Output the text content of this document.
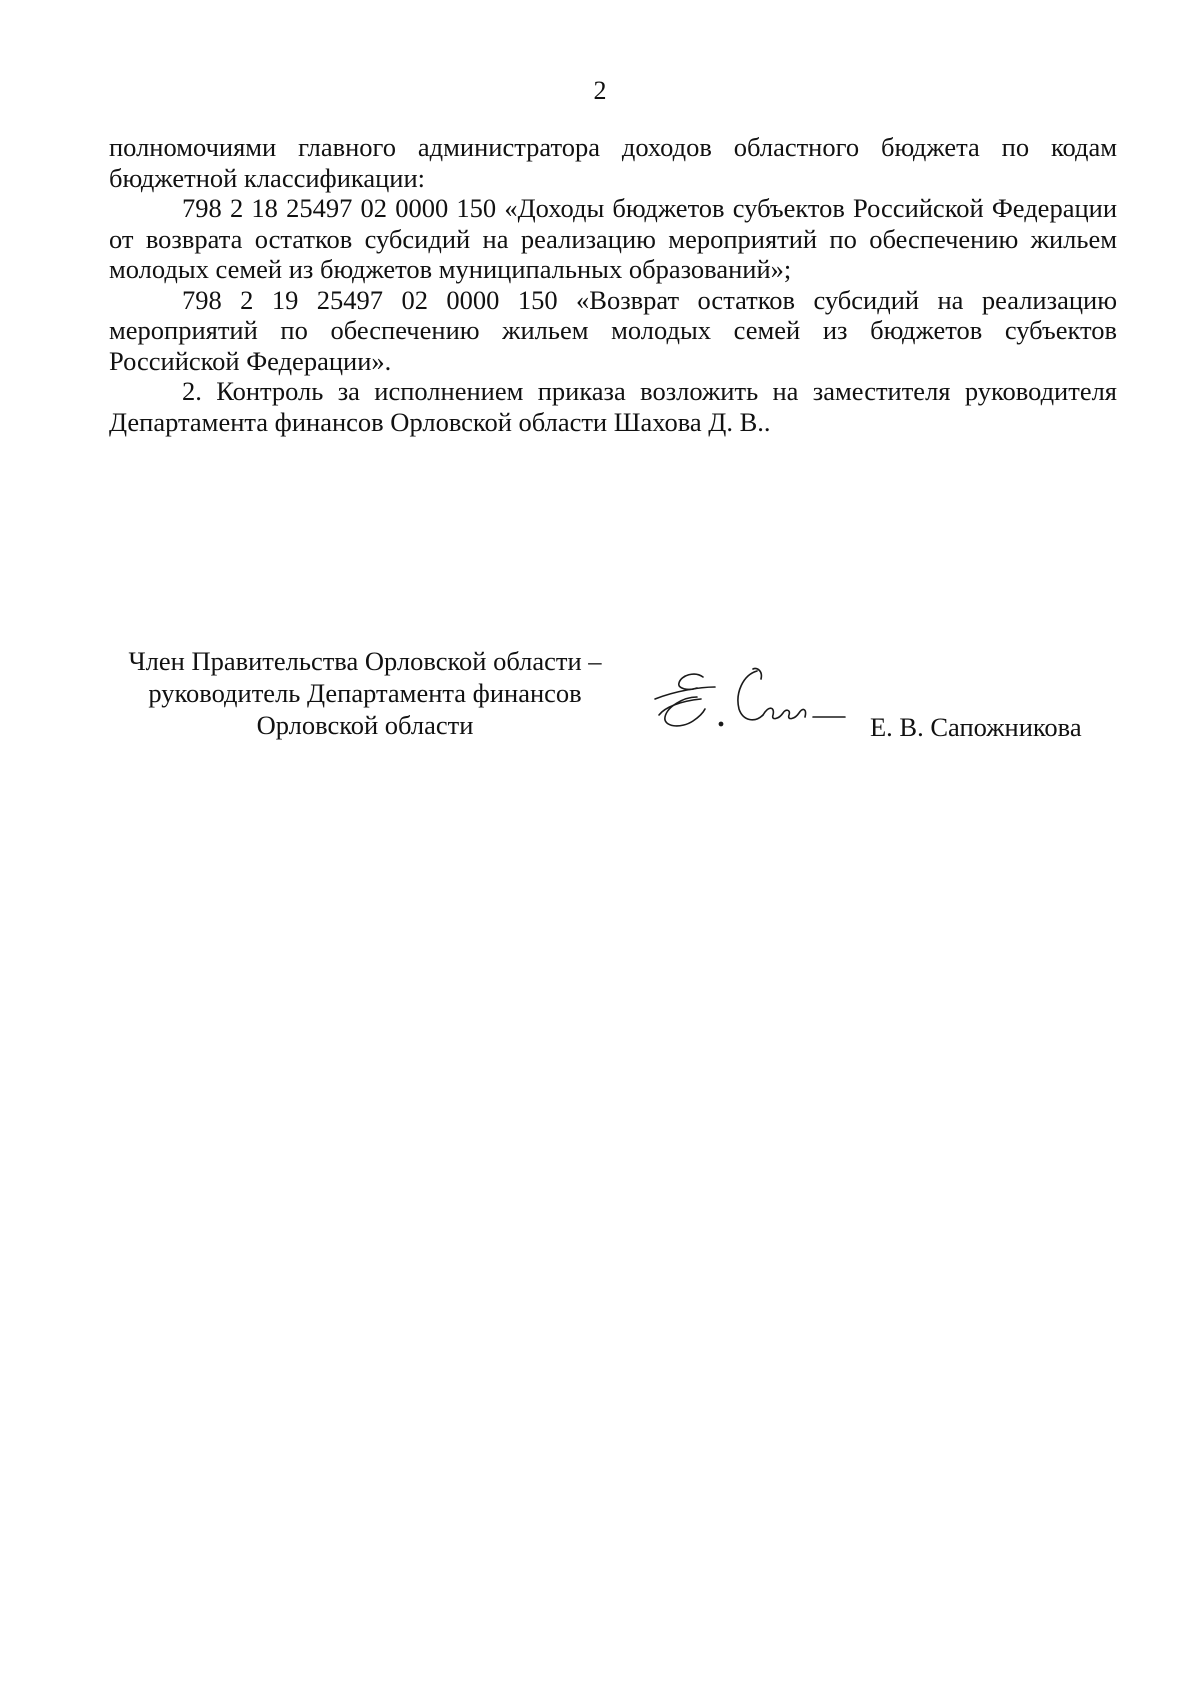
2

полномочиями главного администратора доходов областного бюджета по кодам бюджетной классификации:

798 2 18 25497 02 0000 150 «Доходы бюджетов субъектов Российской Федерации от возврата остатков субсидий на реализацию мероприятий по обеспечению жильем молодых семей из бюджетов муниципальных образований»;

798 2 19 25497 02 0000 150 «Возврат остатков субсидий на реализацию мероприятий по обеспечению жильем молодых семей из бюджетов субъектов Российской Федерации».

2. Контроль за исполнением приказа возложить на заместителя руководителя Департамента финансов Орловской области Шахова Д. В..

Член Правительства Орловской области –
руководитель Департамента финансов
Орловской области	Е. В. Сапожникова
